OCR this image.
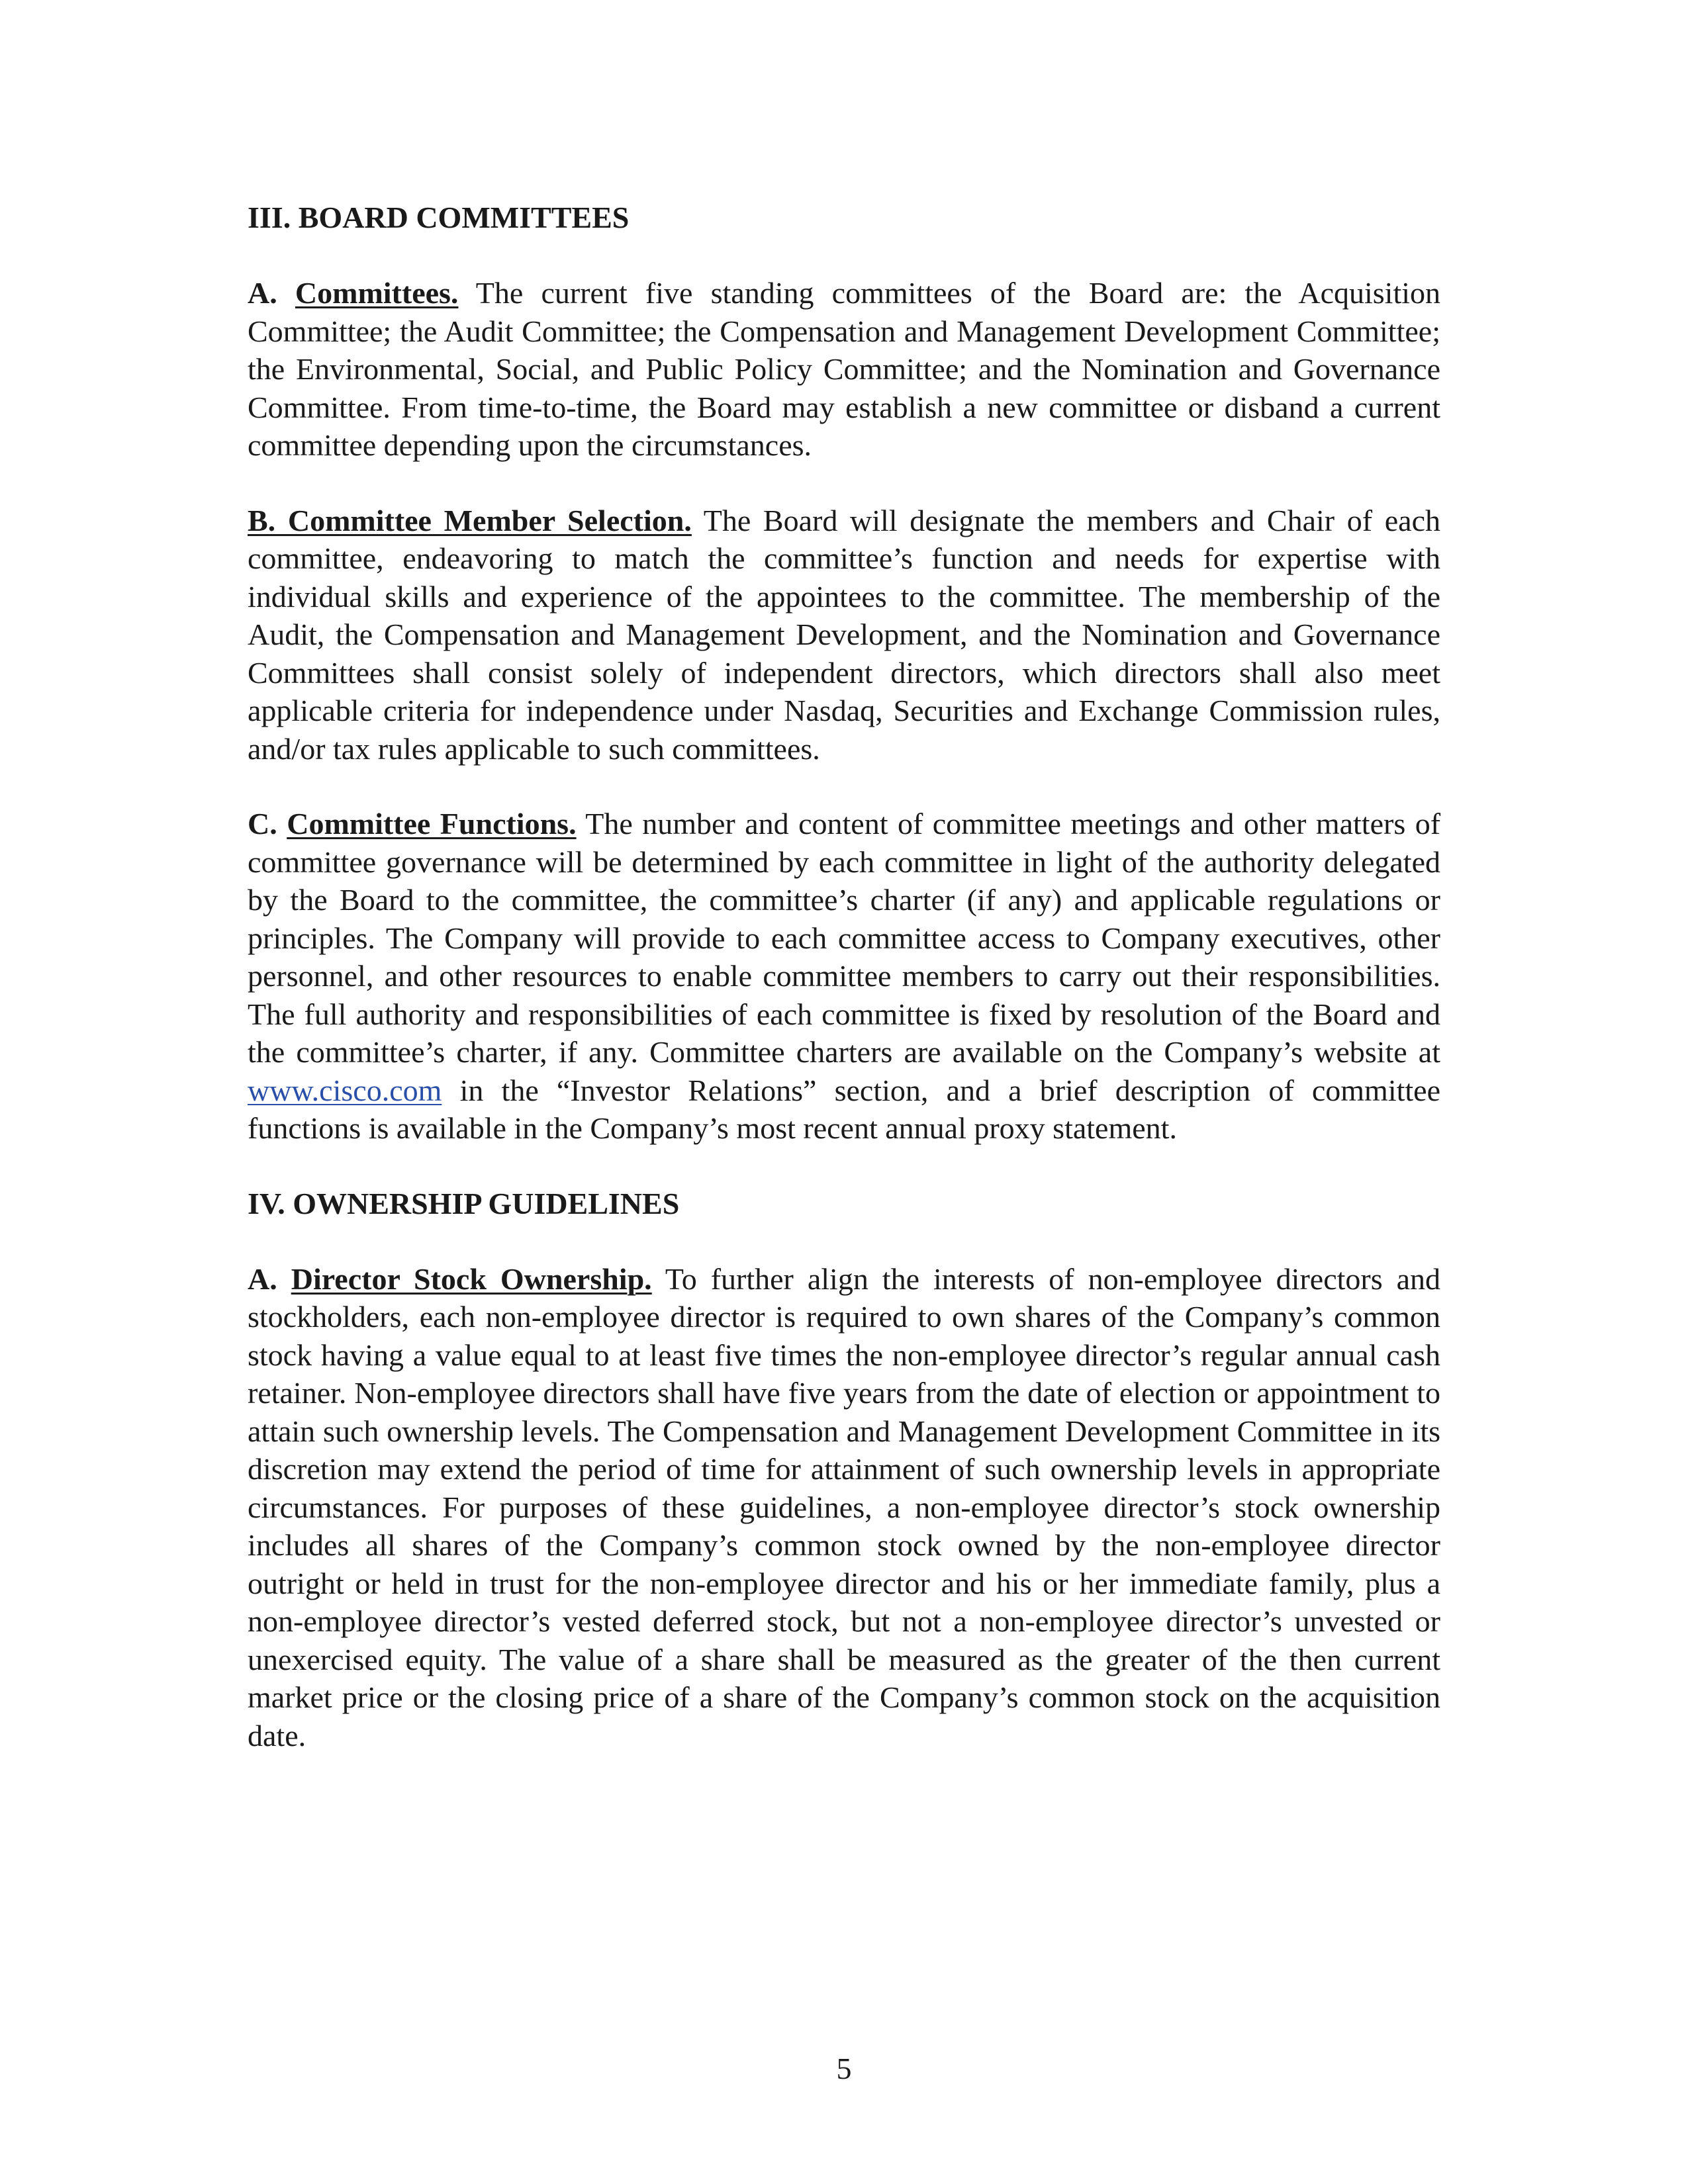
III. BOARD COMMITTEES

A. Committees. The current five standing committees of the Board are: the Acquisition Committee; the Audit Committee; the Compensation and Management Development Committee; the Environmental, Social, and Public Policy Committee; and the Nomination and Governance Committee. From time-to-time, the Board may establish a new committee or disband a current committee depending upon the circumstances.

B. Committee Member Selection. The Board will designate the members and Chair of each committee, endeavoring to match the committee’s function and needs for expertise with individual skills and experience of the appointees to the committee. The membership of the Audit, the Compensation and Management Development, and the Nomination and Governance Committees shall consist solely of independent directors, which directors shall also meet applicable criteria for independence under Nasdaq, Securities and Exchange Commission rules, and/or tax rules applicable to such committees.

C. Committee Functions. The number and content of committee meetings and other matters of committee governance will be determined by each committee in light of the authority delegated by the Board to the committee, the committee’s charter (if any) and applicable regulations or principles. The Company will provide to each committee access to Company executives, other personnel, and other resources to enable committee members to carry out their responsibilities. The full authority and responsibilities of each committee is fixed by resolution of the Board and the committee’s charter, if any. Committee charters are available on the Company’s website at www.cisco.com in the “Investor Relations” section, and a brief description of committee functions is available in the Company’s most recent annual proxy statement.

IV. OWNERSHIP GUIDELINES

A. Director Stock Ownership. To further align the interests of non-employee directors and stockholders, each non-employee director is required to own shares of the Company’s common stock having a value equal to at least five times the non-employee director’s regular annual cash retainer. Non-employee directors shall have five years from the date of election or appointment to attain such ownership levels. The Compensation and Management Development Committee in its discretion may extend the period of time for attainment of such ownership levels in appropriate circumstances. For purposes of these guidelines, a non-employee director’s stock ownership includes all shares of the Company’s common stock owned by the non-employee director outright or held in trust for the non-employee director and his or her immediate family, plus a non-employee director’s vested deferred stock, but not a non-employee director’s unvested or unexercised equity. The value of a share shall be measured as the greater of the then current market price or the closing price of a share of the Company’s common stock on the acquisition date.

5
